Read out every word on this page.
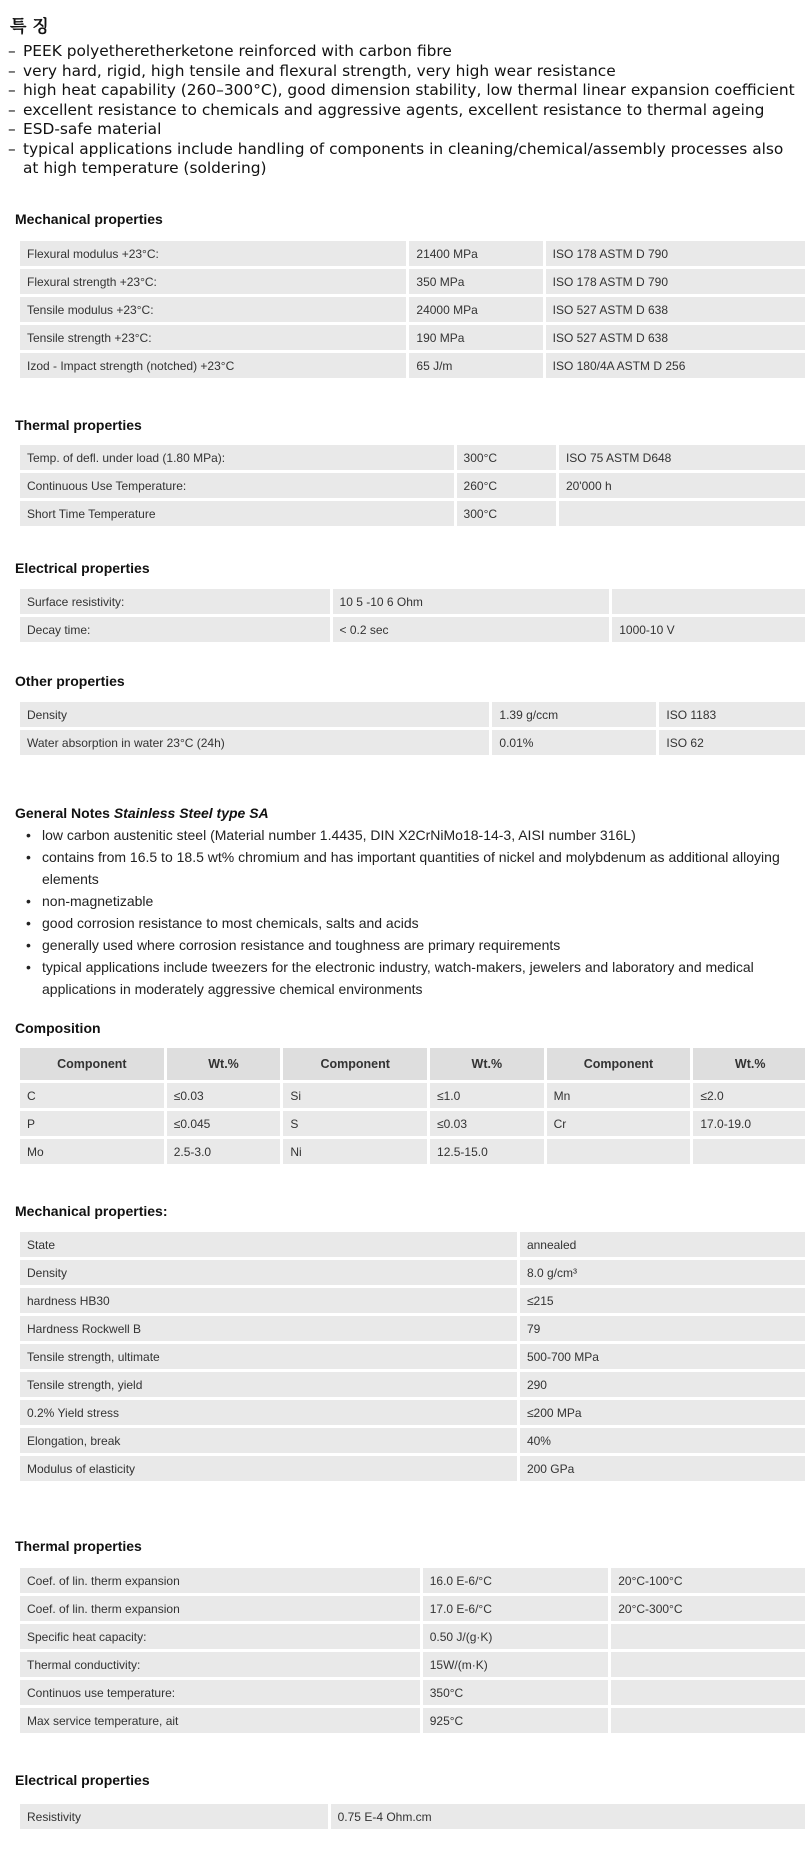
특 징
– PEEK polyetheretherketone reinforced with carbon fibre
– very hard, rigid, high tensile and flexural strength, very high wear resistance
– high heat capability (260–300°C), good dimension stability, low thermal linear expansion coefficient
– excellent resistance to chemicals and aggressive agents, excellent resistance to thermal ageing
– ESD-safe material
– typical applications include handling of components in cleaning/chemical/assembly processes also at high temperature (soldering)
Mechanical properties
Flexural modulus +23°C:	21400 MPa	ISO 178 ASTM D 790
Flexural strength +23°C:	350 MPa	ISO 178 ASTM D 790
Tensile modulus +23°C:	24000 MPa	ISO 527 ASTM D 638
Tensile strength +23°C:	190 MPa	ISO 527 ASTM D 638
Izod - Impact strength (notched) +23°C	65 J/m	ISO 180/4A ASTM D 256
Thermal properties
Temp. of defl. under load (1.80 MPa):	300°C	ISO 75 ASTM D648
Continuous Use Temperature:	260°C	20'000 h
Short Time Temperature	300°C	
Electrical properties
Surface resistivity:	10 5 -10 6 Ohm	
Decay time:	< 0.2 sec	1000-10 V
Other properties
Density	1.39 g/ccm	ISO 1183
Water absorption in water 23°C (24h)	0.01%	ISO 62
General Notes Stainless Steel type SA
• low carbon austenitic steel (Material number 1.4435, DIN X2CrNiMo18-14-3, AISI number 316L)
• contains from 16.5 to 18.5 wt% chromium and has important quantities of nickel and molybdenum as additional alloying elements
• non-magnetizable
• good corrosion resistance to most chemicals, salts and acids
• generally used where corrosion resistance and toughness are primary requirements
• typical applications include tweezers for the electronic industry, watch-makers, jewelers and laboratory and medical applications in moderately aggressive chemical environments
Composition
Component	Wt.%	Component	Wt.%	Component	Wt.%
C	≤0.03	Si	≤1.0	Mn	≤2.0
P	≤0.045	S	≤0.03	Cr	17.0-19.0
Mo	2.5-3.0	Ni	12.5-15.0		
Mechanical properties:
State	annealed
Density	8.0 g/cm³
hardness HB30	≤215
Hardness Rockwell B	79
Tensile strength, ultimate	500-700 MPa
Tensile strength, yield	290
0.2% Yield stress	≤200 MPa
Elongation, break	40%
Modulus of elasticity	200 GPa
Thermal properties
Coef. of lin. therm expansion	16.0 E-6/°C	20°C-100°C
Coef. of lin. therm expansion	17.0 E-6/°C	20°C-300°C
Specific heat capacity:	0.50 J/(g·K)	
Thermal conductivity:	15W/(m·K)	
Continuos use temperature:	350°C	
Max service temperature, ait	925°C	
Electrical properties
Resistivity	0.75 E-4 Ohm.cm
